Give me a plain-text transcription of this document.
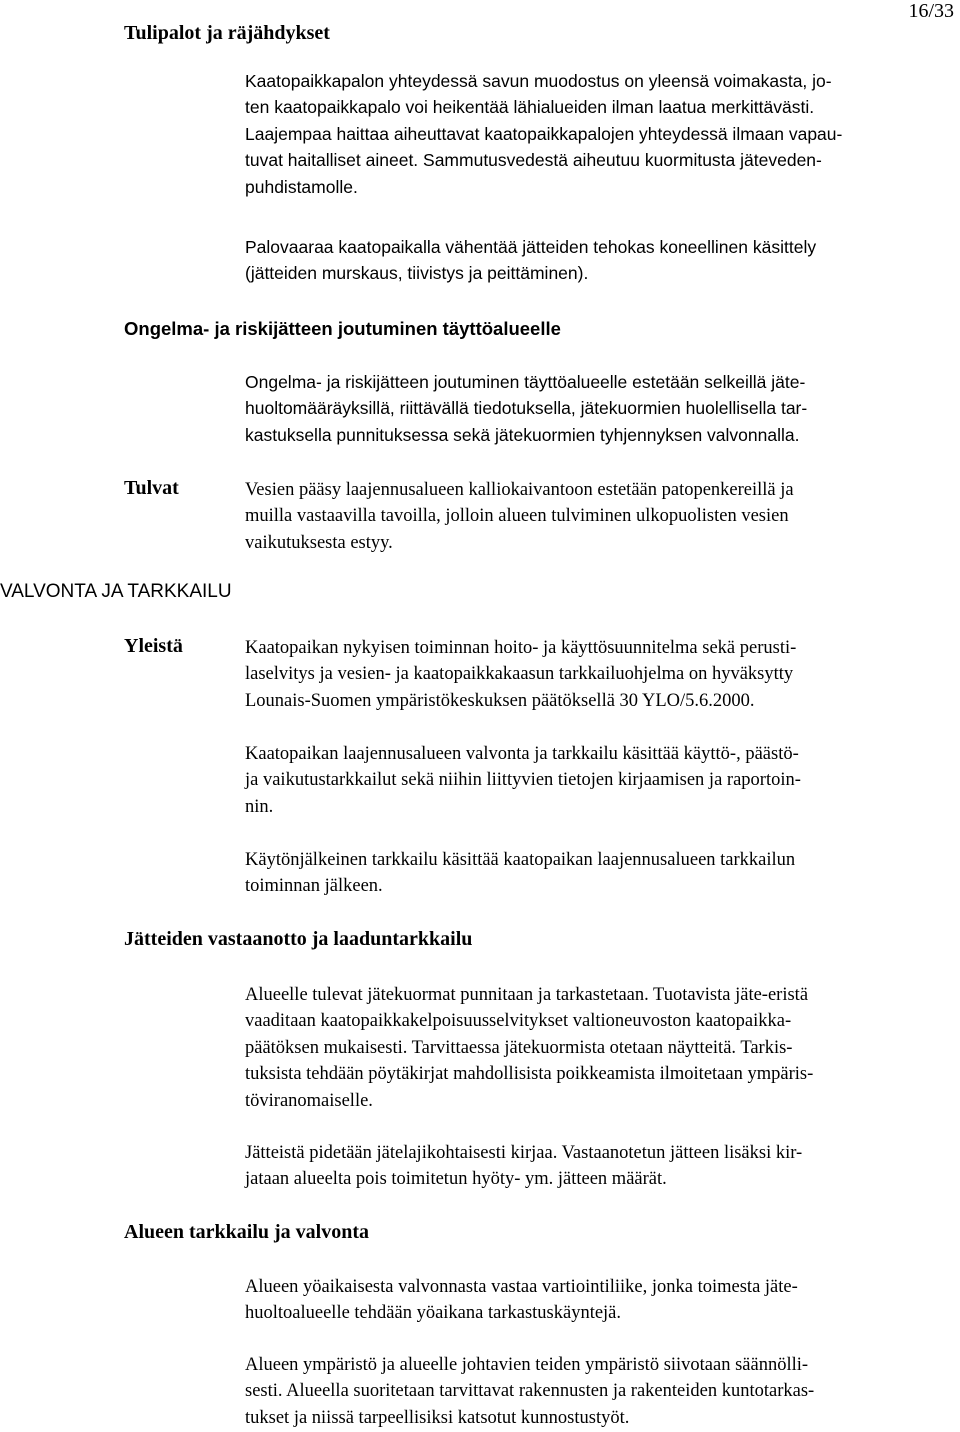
Tulipalot ja räjähdykset
16/33

Kaatopaikkapalon yhteydessä savun muodostus on yleensä voimakasta, jo-
ten kaatopaikkapalo voi heikentää lähialueiden ilman laatua merkittävästi.
Laajempaa haittaa aiheuttavat kaatopaikkapalojen yhteydessä ilmaan vapau-
tuvat haitalliset aineet. Sammutusvedestä aiheutuu kuormitusta jäteveden-
puhdistamolle.

Palovaaraa kaatopaikalla vähentää jätteiden tehokas koneellinen käsittely
(jätteiden murskaus, tiivistys ja peittäminen).

Ongelma- ja riskijätteen joutuminen täyttöalueelle

Ongelma- ja riskijätteen joutuminen täyttöalueelle estetään selkeillä jäte-
huoltomääräyksillä, riittävällä tiedotuksella, jätekuormien huolellisella tar-
kastuksella punnituksessa sekä jätekuormien tyhjennyksen valvonnalla.

Tulvat	Vesien pääsy laajennusalueen kalliokaivantoon estetään patopenkereillä ja
muilla vastaavilla tavoilla, jolloin alueen tulviminen ulkopuolisten vesien
vaikutuksesta estyy.

VALVONTA JA TARKKAILU
Yleistä	Kaatopaikan nykyisen toiminnan hoito- ja käyttösuunnitelma sekä perusti-
laselvitys ja vesien- ja kaatopaikkakaasun tarkkailuohjelma on hyväksytty
Lounais-Suomen ympäristökeskuksen päätöksellä 30 YLO/5.6.2000.

Kaatopaikan laajennusalueen valvonta ja tarkkailu käsittää käyttö-, päästö-
ja vaikutustarkkailut sekä niihin liittyvien tietojen kirjaamisen ja raportoin-
nin.

Käytönjälkeinen tarkkailu käsittää kaatopaikan laajennusalueen tarkkailun
toiminnan jälkeen.

Jätteiden vastaanotto ja laaduntarkkailu

Alueelle tulevat jätekuormat punnitaan ja tarkastetaan. Tuotavista jäte-eristä
vaaditaan kaatopaikkakelpoisuusselvitykset valtioneuvoston kaatopaikka-
päätöksen mukaisesti. Tarvittaessa jätekuormista otetaan näytteitä. Tarkis-
tuksista tehdään pöytäkirjat mahdollisista poikkeamista ilmoitetaan ympäris-
töviranomaiselle.

Jätteistä pidetään jätelajikohtaisesti kirjaa. Vastaanotetun jätteen lisäksi kir-
jataan alueelta pois toimitetun hyöty- ym. jätteen määrät.

Alueen tarkkailu ja valvonta

Alueen yöaikaisesta valvonnasta vastaa vartiointiliike, jonka toimesta jäte-
huoltoalueelle tehdään yöaikana tarkastuskäyntejä.

Alueen ympäristö ja alueelle johtavien teiden ympäristö siivotaan säännölli-
sesti. Alueella suoritetaan tarvittavat rakennusten ja rakenteiden kuntotarkas-
tukset ja niissä tarpeellisiksi katsotut kunnostustyöt.
